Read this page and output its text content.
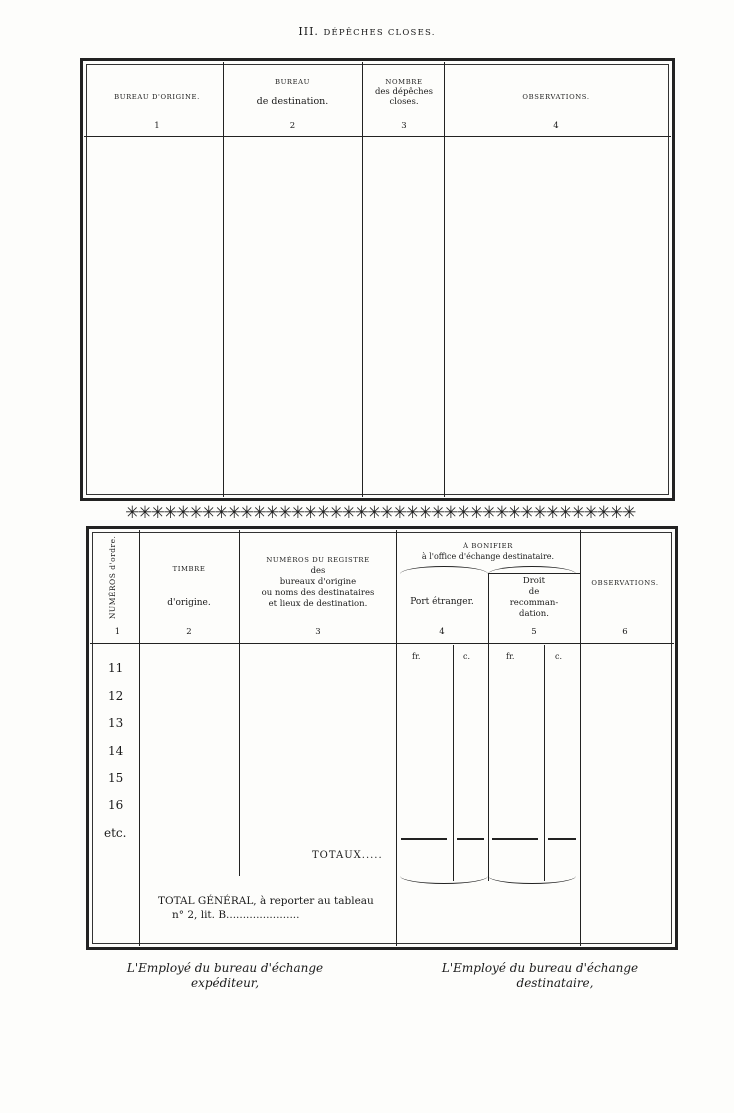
III. DÉPÊCHES CLOSES.
BUREAU D'ORIGINE.
1
BUREAU
de destination.
2
NOMBRE
des dépêches closes.
3
OBSERVATIONS.
4
✳✳✳✳✳✳✳✳✳✳✳✳✳✳✳✳✳✳✳✳✳✳✳✳✳✳✳✳✳✳✳✳✳✳✳✳✳✳✳✳
NUMÉROS d'ordre.
1
TIMBRE
d'origine.
2
NUMÉROS DU REGISTRE
des
bureaux d'origine
ou noms des destinataires
et lieux de destination.
3
À BONIFIER
à l'office d'échange destinataire.
Port étranger.
4
fr.	c.
Droit
de
recomman-
dation.
5
fr.	c.
OBSERVATIONS.
6
11
12
13
14
15
16
etc.
TOTAUX.....
TOTAL GÉNÉRAL, à reporter au tableau
n° 2, lit. B......................
L'Employé du bureau d'échange
expéditeur,
L'Employé du bureau d'échange
destinataire,
